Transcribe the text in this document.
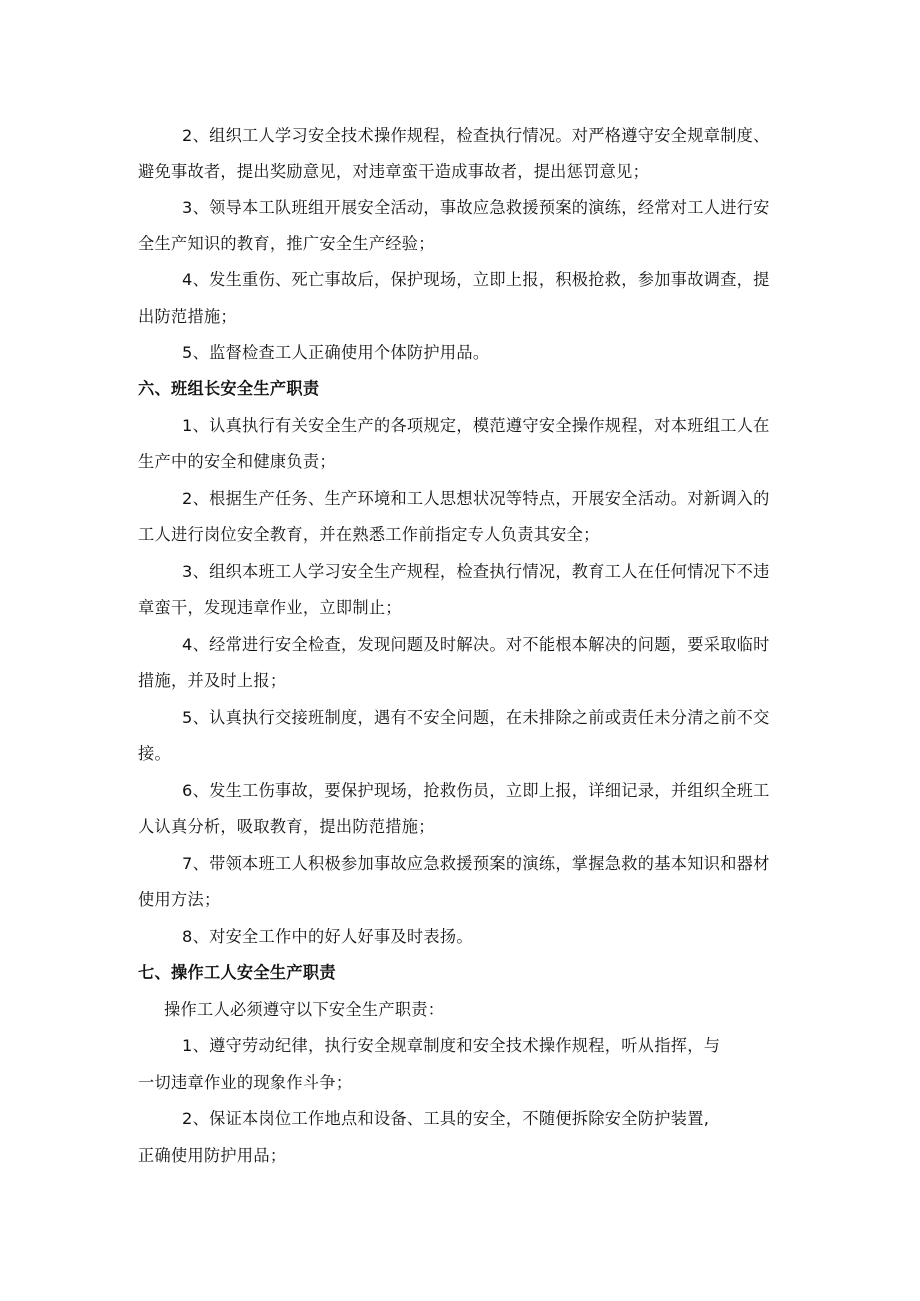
2、组织工人学习安全技术操作规程，检查执行情况。对严格遵守安全规章制度、
避免事故者，提出奖励意见，对违章蛮干造成事故者，提出惩罚意见；
3、领导本工队班组开展安全活动，事故应急救援预案的演练，经常对工人进行安
全生产知识的教育，推广安全生产经验；
4、发生重伤、死亡事故后，保护现场，立即上报，积极抢救，参加事故调查，提
出防范措施；
5、监督检查工人正确使用个体防护用品。
六、班组长安全生产职责
1、认真执行有关安全生产的各项规定，模范遵守安全操作规程，对本班组工人在
生产中的安全和健康负责；
2、根据生产任务、生产环境和工人思想状况等特点，开展安全活动。对新调入的
工人进行岗位安全教育，并在熟悉工作前指定专人负责其安全；
3、组织本班工人学习安全生产规程，检查执行情况，教育工人在任何情况下不违
章蛮干，发现违章作业，立即制止；
4、经常进行安全检查，发现问题及时解决。对不能根本解决的问题，要采取临时
措施，并及时上报；
5、认真执行交接班制度，遇有不安全问题，在未排除之前或责任未分清之前不交
接。
6、发生工伤事故，要保护现场，抢救伤员，立即上报，详细记录，并组织全班工
人认真分析，吸取教育，提出防范措施；
7、带领本班工人积极参加事故应急救援预案的演练，掌握急救的基本知识和器材
使用方法；
8、对安全工作中的好人好事及时表扬。
七、操作工人安全生产职责
操作工人必须遵守以下安全生产职责：
1、遵守劳动纪律，执行安全规章制度和安全技术操作规程，听从指挥，与
一切违章作业的现象作斗争；
2、保证本岗位工作地点和设备、工具的安全，不随便拆除安全防护装置,
正确使用防护用品；
